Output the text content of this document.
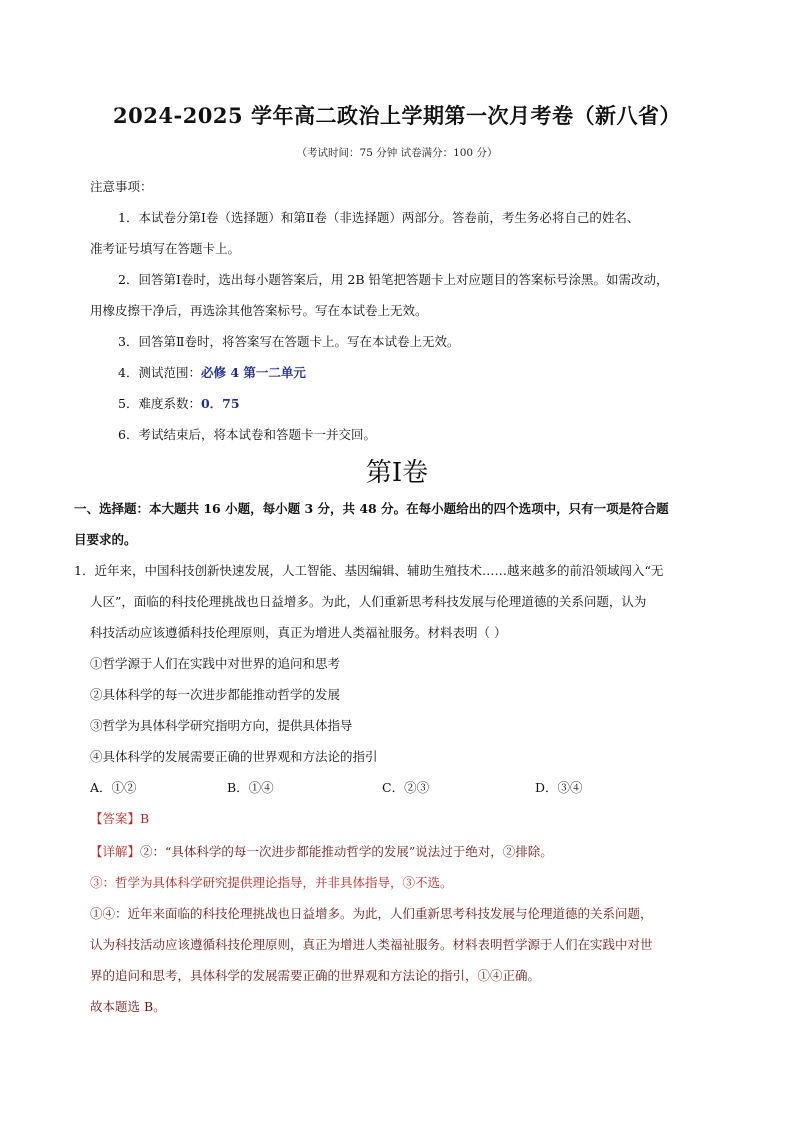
2024-2025 学年高二政治上学期第一次月考卷（新八省）
（考试时间：75 分钟 试卷满分：100 分）
注意事项：
1．本试卷分第Ⅰ卷（选择题）和第Ⅱ卷（非选择题）两部分。答卷前，考生务必将自己的姓名、
准考证号填写在答题卡上。
2．回答第Ⅰ卷时，选出每小题答案后，用 2B 铅笔把答题卡上对应题目的答案标号涂黑。如需改动，
用橡皮擦干净后，再选涂其他答案标号。写在本试卷上无效。
3．回答第Ⅱ卷时，将答案写在答题卡上。写在本试卷上无效。
4．测试范围：必修 4 第一二单元
5．难度系数：0．75
6．考试结束后，将本试卷和答题卡一并交回。
第Ⅰ卷
一、选择题：本大题共 16 小题，每小题 3 分，共 48 分。在每小题给出的四个选项中，只有一项是符合题
目要求的。
1．近年来，中国科技创新快速发展，人工智能、基因编辑、辅助生殖技术……越来越多的前沿领域闯入“无
人区”，面临的科技伦理挑战也日益增多。为此，人们重新思考科技发展与伦理道德的关系问题，认为
科技活动应该遵循科技伦理原则，真正为增进人类福祉服务。材料表明（ ）
①哲学源于人们在实践中对世界的追问和思考
②具体科学的每一次进步都能推动哲学的发展
③哲学为具体科学研究指明方向，提供具体指导
④具体科学的发展需要正确的世界观和方法论的指引
A．①②	B．①④	C．②③	D．③④
【答案】B
【详解】②：“具体科学的每一次进步都能推动哲学的发展”说法过于绝对，②排除。
③：哲学为具体科学研究提供理论指导，并非具体指导，③不选。
①④：近年来面临的科技伦理挑战也日益增多。为此，人们重新思考科技发展与伦理道德的关系问题，
认为科技活动应该遵循科技伦理原则，真正为增进人类福祉服务。材料表明哲学源于人们在实践中对世
界的追问和思考，具体科学的发展需要正确的世界观和方法论的指引，①④正确。
故本题选 B。
